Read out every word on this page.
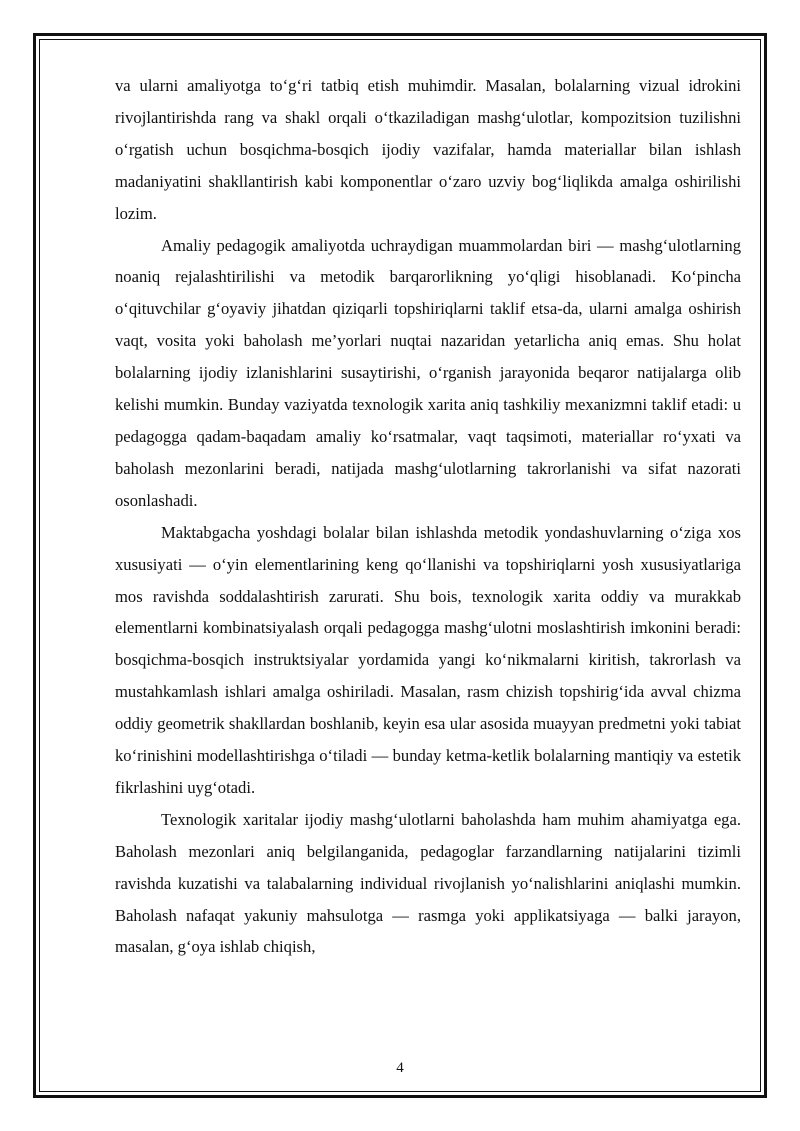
va ularni amaliyotga to‘g‘ri tatbiq etish muhimdir. Masalan, bolalarning vizual idrokini rivojlantirishda rang va shakl orqali o‘tkaziladigan mashg‘ulotlar, kompozitsion tuzilishni o‘rgatish uchun bosqichma-bosqich ijodiy vazifalar, hamda materiallar bilan ishlash madaniyatini shakllantirish kabi komponentlar o‘zaro uzviy bog‘liqlikda amalga oshirilishi lozim.

Amaliy pedagogik amaliyotda uchraydigan muammolardan biri — mashg‘ulotlarning noaniq rejalashtirilishi va metodik barqarorlikning yo‘qligi hisoblanadi. Ko‘pincha o‘qituvchilar g‘oyaviy jihatdan qiziqarli topshiriqlarni taklif etsa-da, ularni amalga oshirish vaqt, vosita yoki baholash me’yorlari nuqtai nazaridan yetarlicha aniq emas. Shu holat bolalarning ijodiy izlanishlarini susaytirishi, o‘rganish jarayonida beqaror natijalarga olib kelishi mumkin. Bunday vaziyatda texnologik xarita aniq tashkiliy mexanizmni taklif etadi: u pedagogga qadam-baqadam amaliy ko‘rsatmalar, vaqt taqsimoti, materiallar ro‘yxati va baholash mezonlarini beradi, natijada mashg‘ulotlarning takrorlanishi va sifat nazorati osonlashadi.

Maktabgacha yoshdagi bolalar bilan ishlashda metodik yondashuvlarning o‘ziga xos xususiyati — o‘yin elementlarining keng qo‘llanishi va topshiriqlarni yosh xususiyatlariga mos ravishda soddalashtirish zarurati. Shu bois, texnologik xarita oddiy va murakkab elementlarni kombinatsiyalash orqali pedagogga mashg‘ulotni moslashtirish imkonini beradi: bosqichma-bosqich instruktsiyalar yordamida yangi ko‘nikmalarni kiritish, takrorlash va mustahkamlash ishlari amalga oshiriladi. Masalan, rasm chizish topshirig‘ida avval chizma oddiy geometrik shakllardan boshlanib, keyin esa ular asosida muayyan predmetni yoki tabiat ko‘rinishini modellashtirishga o‘tiladi — bunday ketma-ketlik bolalarning mantiqiy va estetik fikrlashini uyg‘otadi.

Texnologik xaritalar ijodiy mashg‘ulotlarni baholashda ham muhim ahamiyatga ega. Baholash mezonlari aniq belgilanganida, pedagoglar farzandlarning natijalarini tizimli ravishda kuzatishi va talabalarning individual rivojlanish yo‘nalishlarini aniqlashi mumkin. Baholash nafaqat yakuniy mahsulotga — rasmga yoki applikatsiyaga — balki jarayon, masalan, g‘oya ishlab chiqish,

4
